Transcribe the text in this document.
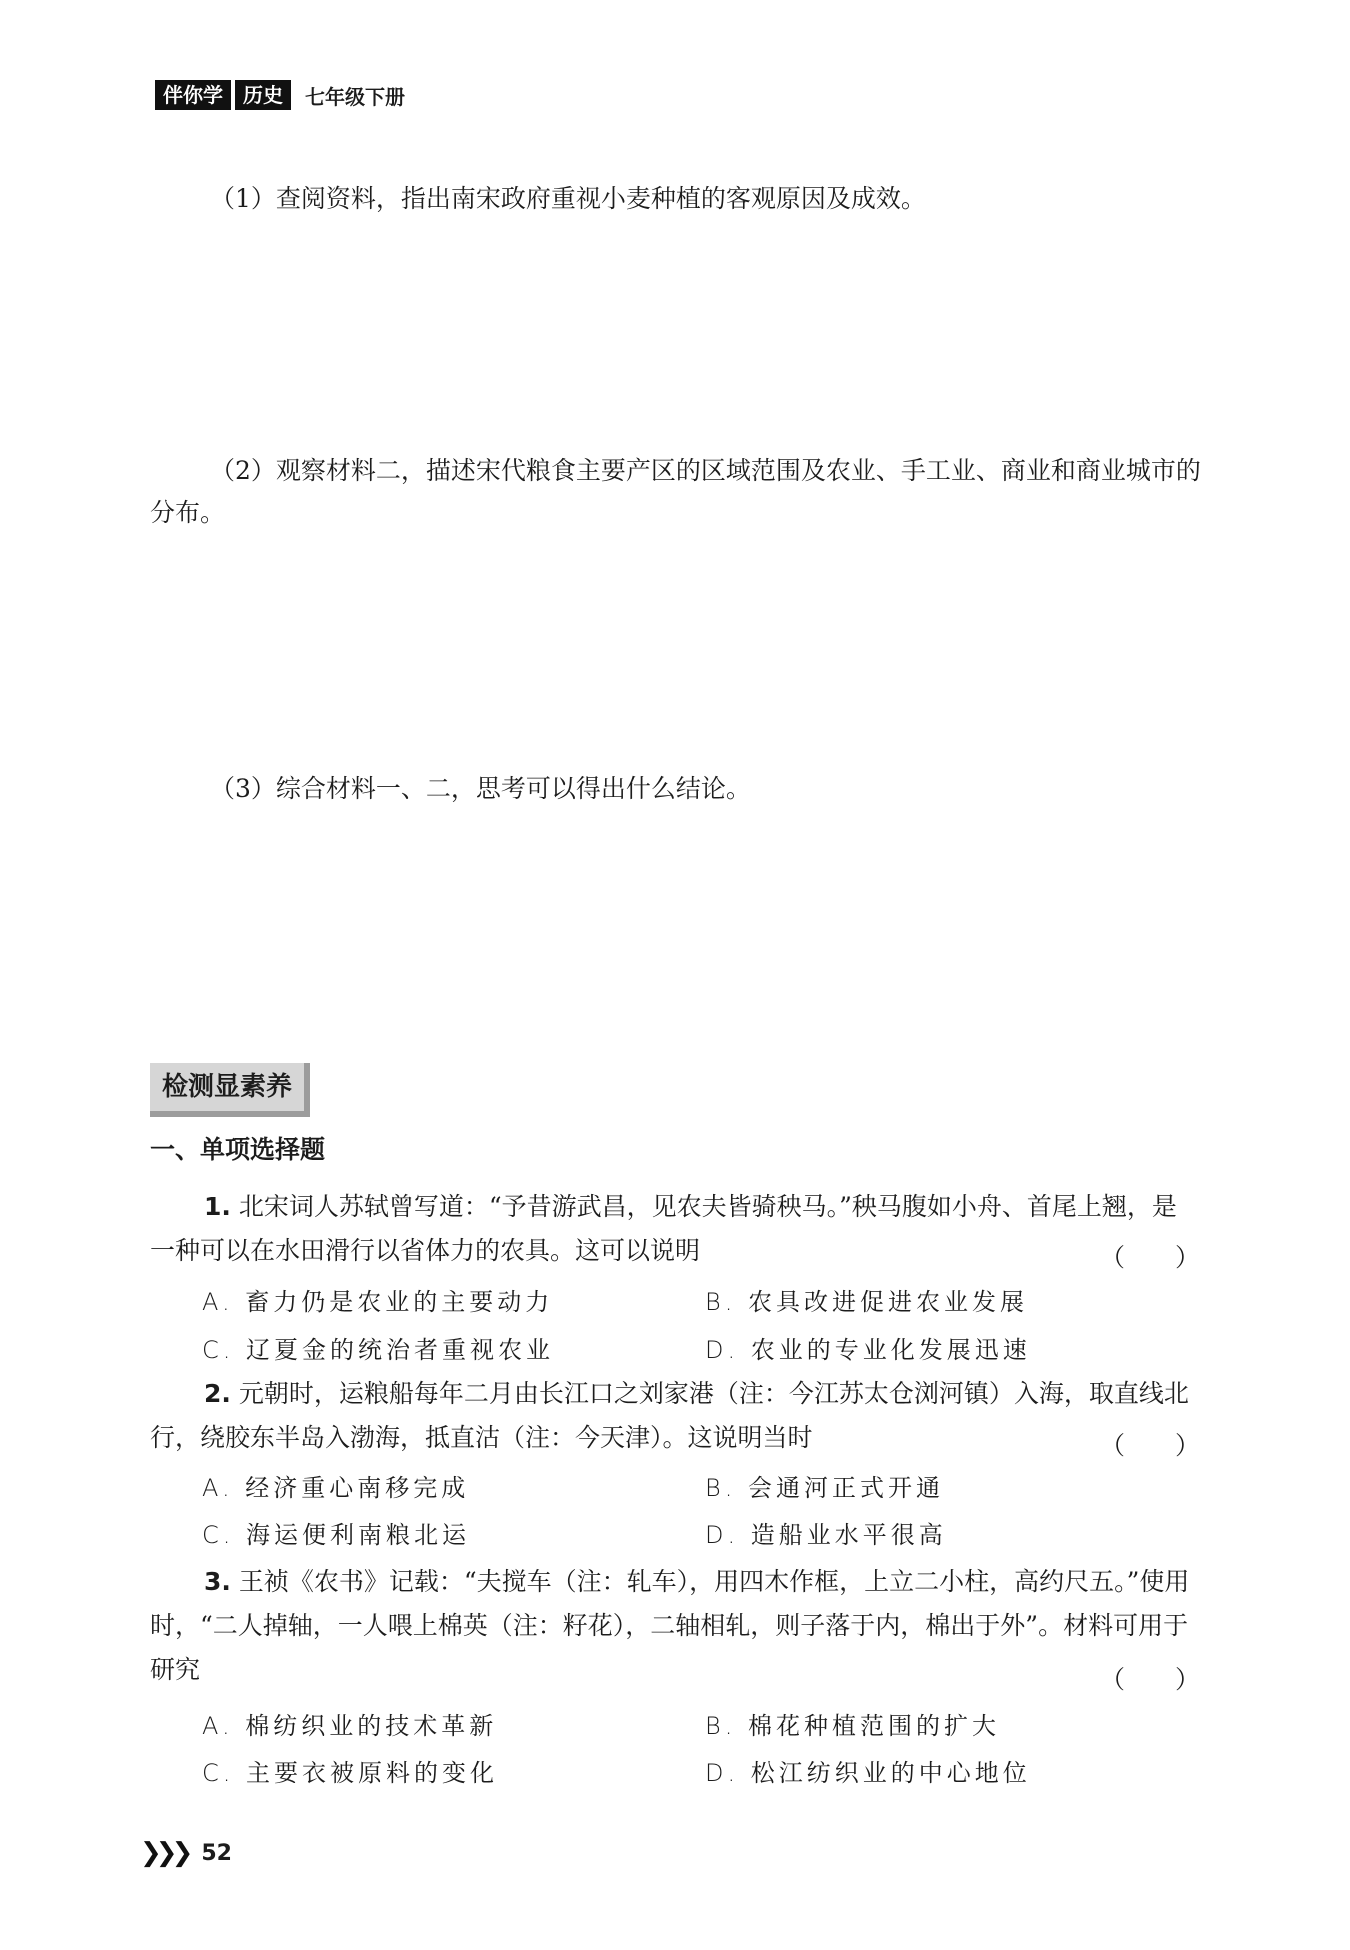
伴你学	历史	七年级下册
（1）查阅资料，指出南宋政府重视小麦种植的客观原因及成效。
（2）观察材料二，描述宋代粮食主要产区的区域范围及农业、手工业、商业和商业城市的分布。
（3）综合材料一、二，思考可以得出什么结论。
检测显素养
一、单项选择题
1. 北宋词人苏轼曾写道：“予昔游武昌，见农夫皆骑秧马。”秧马腹如小舟、首尾上翘，是一种可以在水田滑行以省体力的农具。这可以说明	（　　）
A. 畜力仍是农业的主要动力	B. 农具改进促进农业发展
C. 辽夏金的统治者重视农业	D. 农业的专业化发展迅速
2. 元朝时，运粮船每年二月由长江口之刘家港（注：今江苏太仓浏河镇）入海，取直线北行，绕胶东半岛入渤海，抵直沽（注：今天津）。这说明当时	（　　）
A. 经济重心南移完成	B. 会通河正式开通
C. 海运便利南粮北运	D. 造船业水平很高
3. 王祯《农书》记载：“夫搅车（注：轧车），用四木作框，上立二小柱，高约尺五。”使用时，“二人掉轴，一人喂上棉英（注：籽花），二轴相轧，则子落于内，棉出于外”。材料可用于研究	（　　）
A. 棉纺织业的技术革新	B. 棉花种植范围的扩大
C. 主要衣被原料的变化	D. 松江纺织业的中心地位
❯❯❯ 52
